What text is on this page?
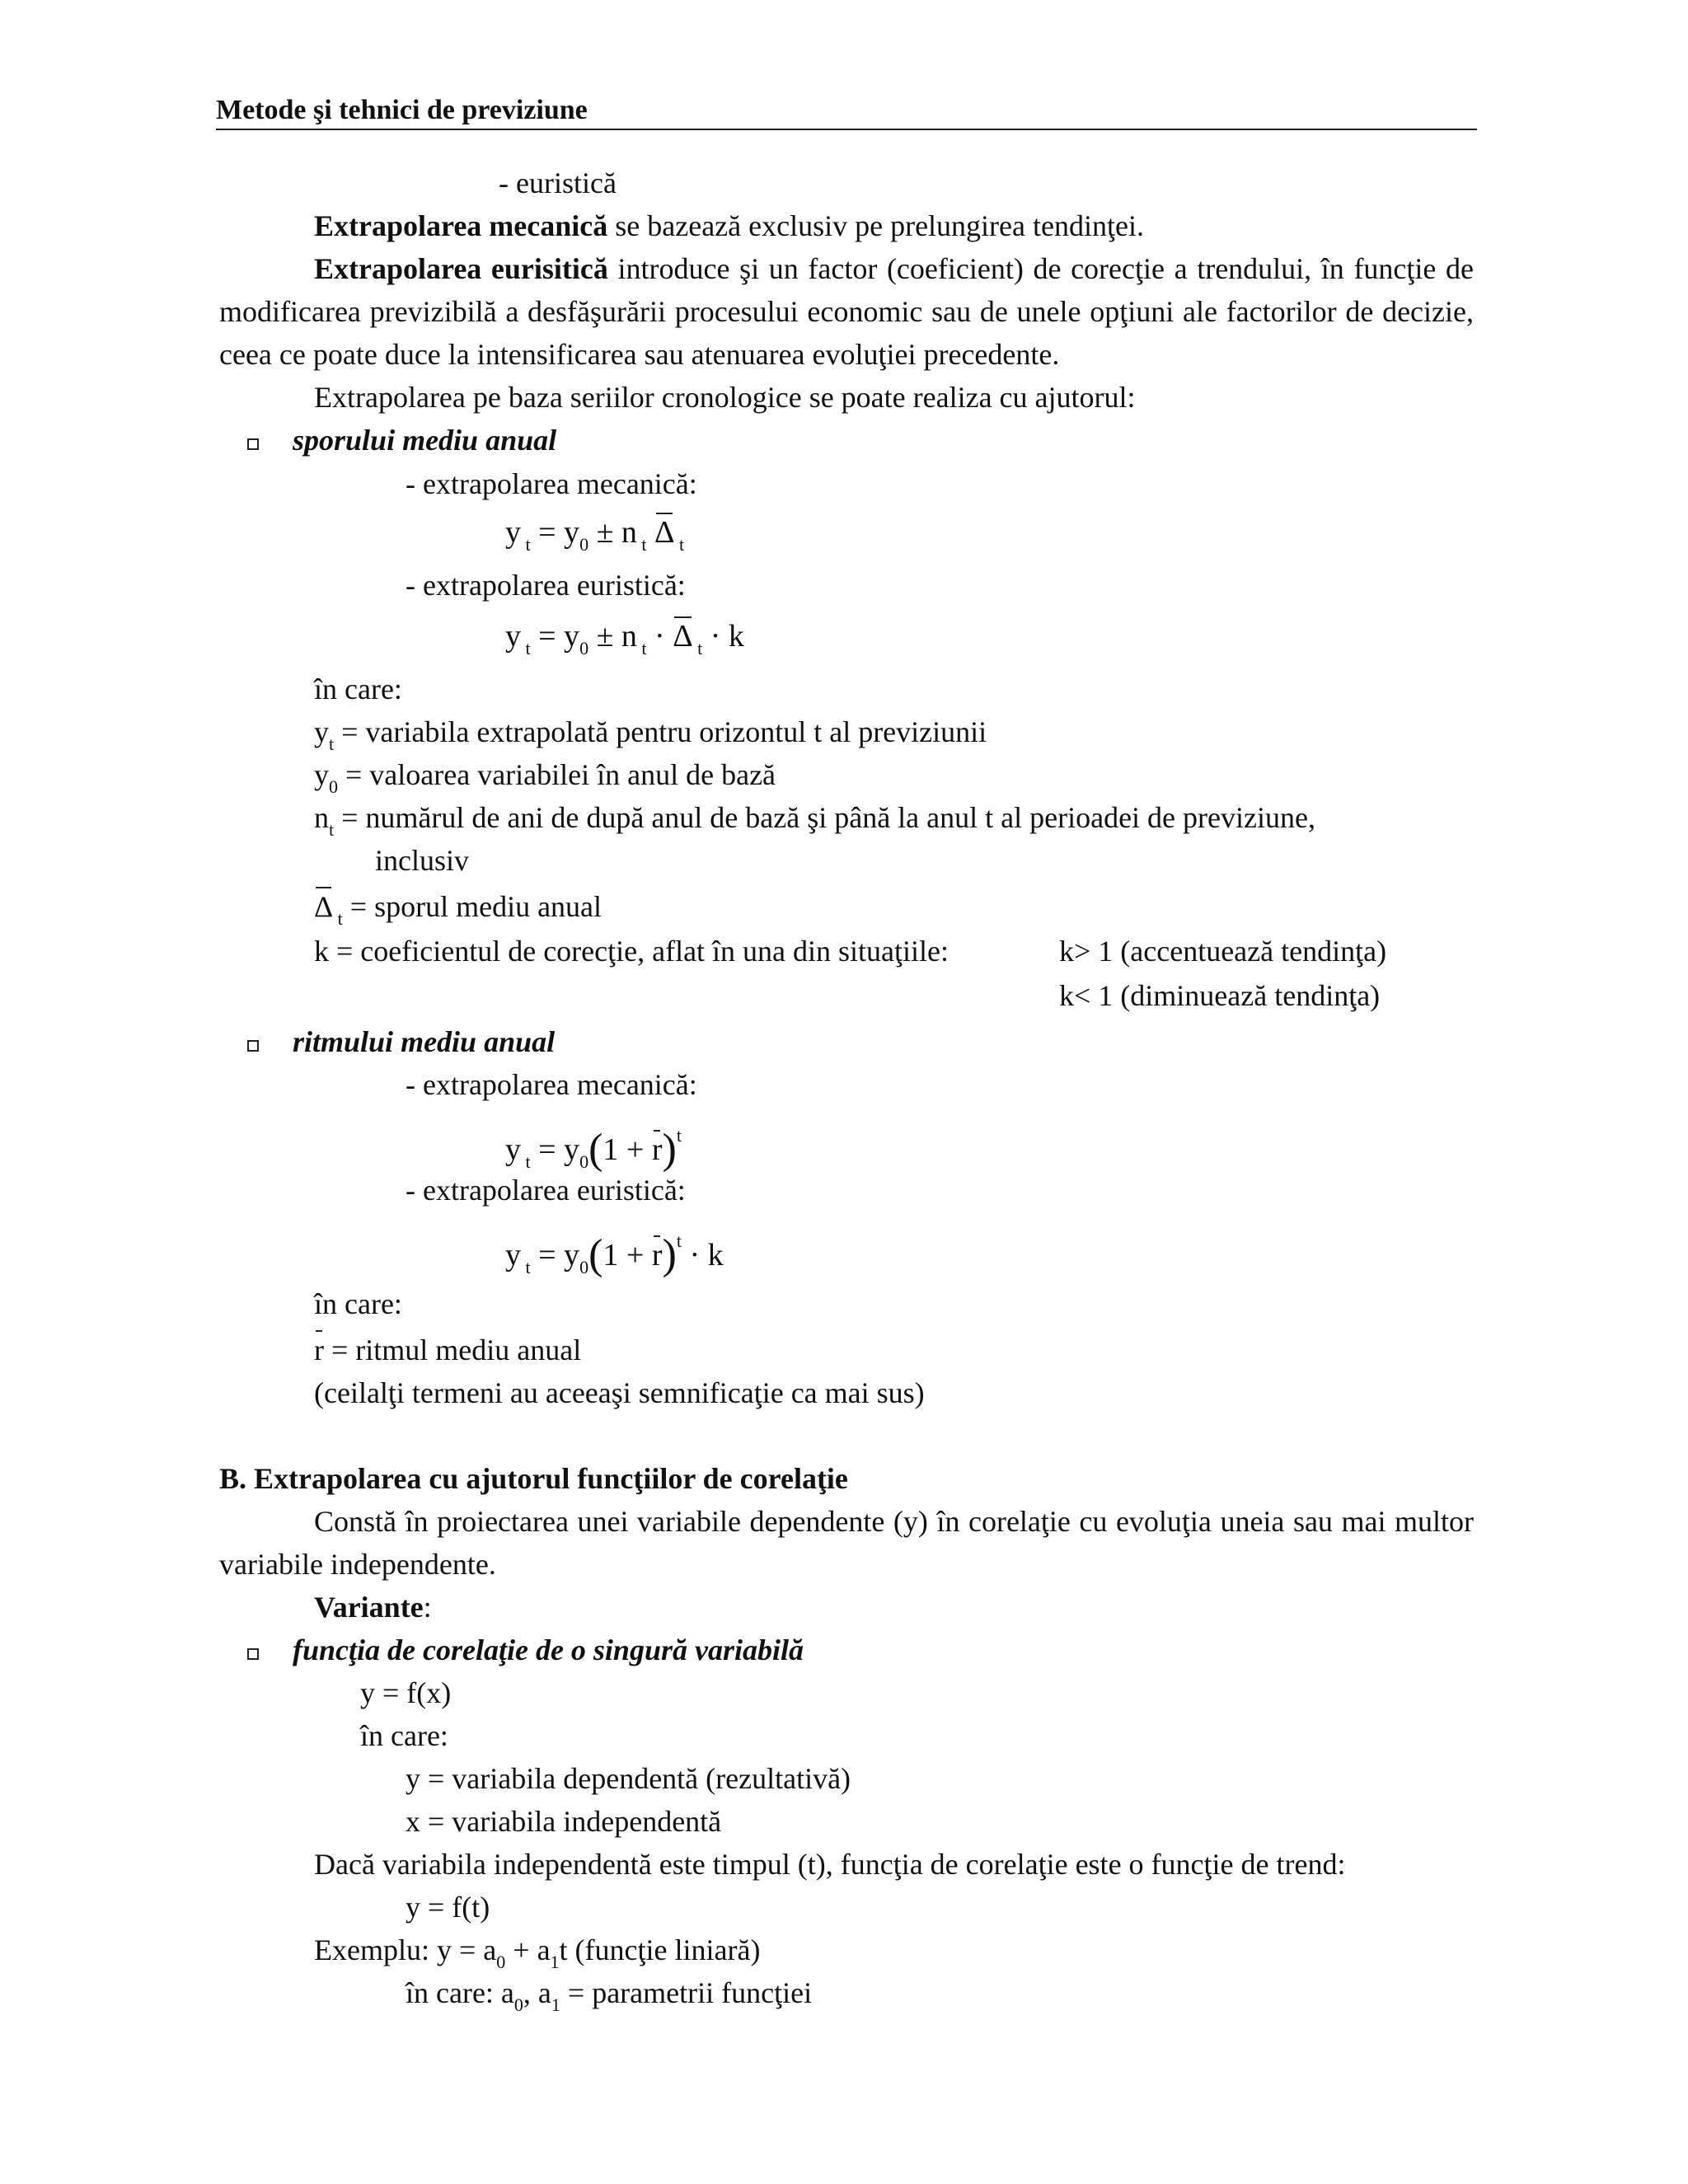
Metode şi tehnici de previziune
- euristică
Extrapolarea mecanică se bazează exclusiv pe prelungirea tendinţei.
Extrapolarea eurisitică introduce şi un factor (coeficient) de corecţie a trendului, în funcţie de modificarea previzibilă a desfăşurării procesului economic sau de unele opţiuni ale factorilor de decizie, ceea ce poate duce la intensificarea sau atenuarea evoluţiei precedente.
Extrapolarea pe baza seriilor cronologice se poate realiza cu ajutorul:
sporului mediu anual
- extrapolarea mecanică:
y $_t = y_0 \pm n$ $_t$ Δ $_t$
- extrapolarea euristică:
y $_t = y_0 \pm n$ $_t$ · Δ $_t$ · k
în care:
$y_t$ = variabila extrapolată pentru orizontul t al previziunii
$y_0$ = valoarea variabilei în anul de bază
$n_t$ = numărul de ani de după anul de bază şi până la anul t al perioadei de previziune,
inclusiv
Δ $_t$ = sporul mediu anual
k = coeficientul de corecţie, aflat în una din situaţiile:	k> 1 (accentuează tendinţa)
k< 1 (diminuează tendinţa)
ritmului mediu anual
- extrapolarea mecanică:
y $_t = y_0(1 + r)^t$
- extrapolarea euristică:
y $_t = y_0(1 + r)^t \cdot k$
în care:
r = ritmul mediu anual
(ceilalţi termeni au aceeaşi semnificaţie ca mai sus)
B. Extrapolarea cu ajutorul funcţiilor de corelaţie
Constă în proiectarea unei variabile dependente (y) în corelaţie cu evoluţia uneia sau mai multor variabile independente.
Variante:
funcţia de corelaţie de o singură variabilă
y = f(x)
în care:
y = variabila dependentă (rezultativă)
x = variabila independentă
Dacă variabila independentă este timpul (t), funcţia de corelaţie este o funcţie de trend:
y = f(t)
Exemplu: $y = a_0 + a_1t$ (funcţie liniară)
în care: $a_0$, $a_1$ = parametrii funcţiei
